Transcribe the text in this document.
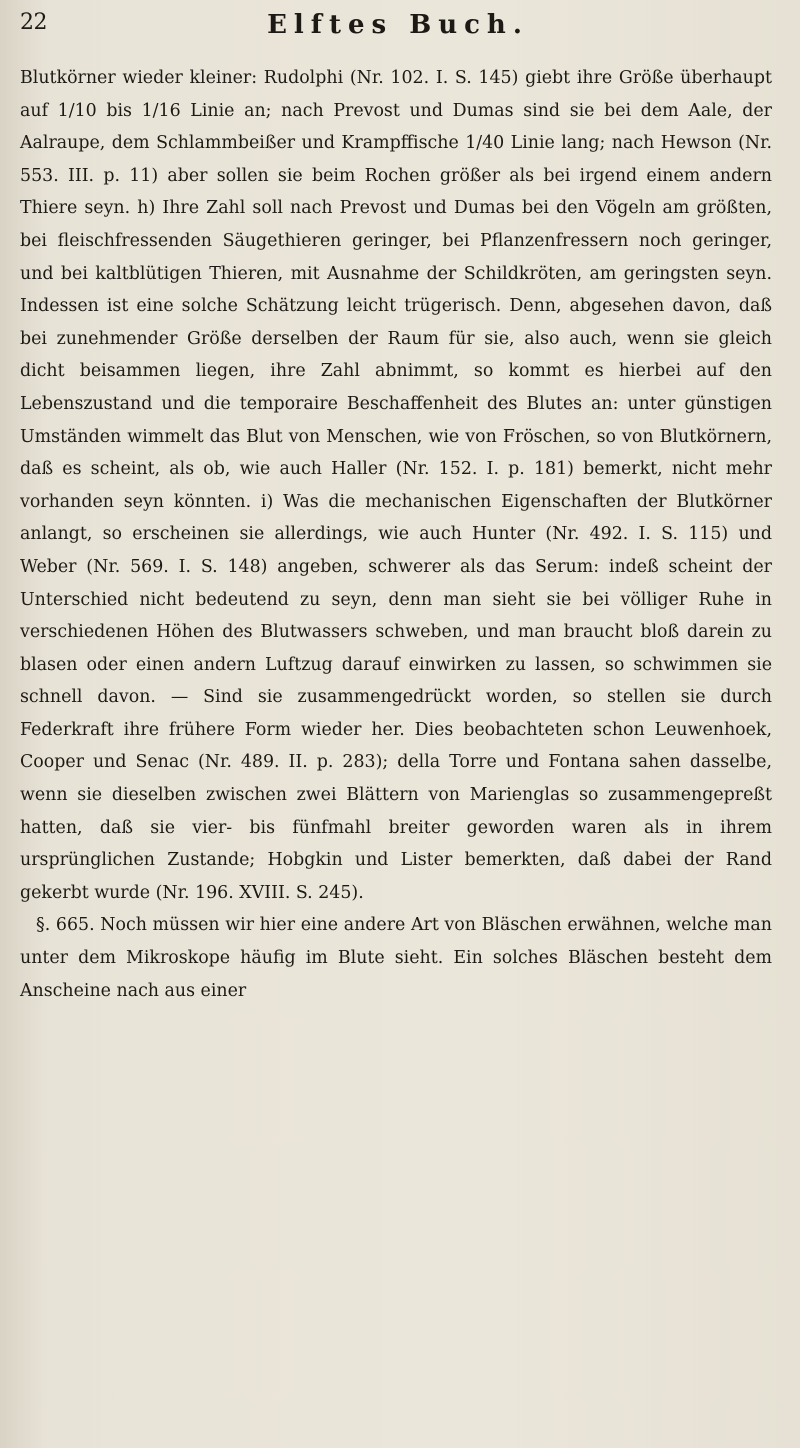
22	Elftes Buch.

Blutkörner wieder kleiner: Rudolphi (Nr. 102. I. S. 145) giebt ihre Größe überhaupt auf 1/10 bis 1/16 Linie an; nach Prevost und Dumas sind sie bei dem Aale, der Aalraupe, dem Schlammbeißer und Krampffische 1/40 Linie lang; nach Hewson (Nr. 553. III. p. 11) aber sollen sie beim Rochen größer als bei irgend einem andern Thiere seyn. h) Ihre Zahl soll nach Prevost und Dumas bei den Vögeln am größten, bei fleischfressenden Säugethieren geringer, bei Pflanzenfressern noch geringer, und bei kaltblütigen Thieren, mit Ausnahme der Schildkröten, am geringsten seyn. Indessen ist eine solche Schätzung leicht trügerisch. Denn, abgesehen davon, daß bei zunehmender Größe derselben der Raum für sie, also auch, wenn sie gleich dicht beisammen liegen, ihre Zahl abnimmt, so kommt es hierbei auf den Lebenszustand und die temporaire Beschaffenheit des Blutes an: unter günstigen Umständen wimmelt das Blut von Menschen, wie von Fröschen, so von Blutkörnern, daß es scheint, als ob, wie auch Haller (Nr. 152. I. p. 181) bemerkt, nicht mehr vorhanden seyn könnten. i) Was die mechanischen Eigenschaften der Blutkörner anlangt, so erscheinen sie allerdings, wie auch Hunter (Nr. 492. I. S. 115) und Weber (Nr. 569. I. S. 148) angeben, schwerer als das Serum: indeß scheint der Unterschied nicht bedeutend zu seyn, denn man sieht sie bei völliger Ruhe in verschiedenen Höhen des Blutwassers schweben, und man braucht bloß darein zu blasen oder einen andern Luftzug darauf einwirken zu lassen, so schwimmen sie schnell davon. — Sind sie zusammengedrückt worden, so stellen sie durch Federkraft ihre frühere Form wieder her. Dies beobachteten schon Leuwenhoek, Cooper und Senac (Nr. 489. II. p. 283); della Torre und Fontana sahen dasselbe, wenn sie dieselben zwischen zwei Blättern von Marienglas so zusammengepreßt hatten, daß sie vier- bis fünfmahl breiter geworden waren als in ihrem ursprünglichen Zustande; Hobgkin und Lister bemerkten, daß dabei der Rand gekerbt wurde (Nr. 196. XVIII. S. 245).

§. 665. Noch müssen wir hier eine andere Art von Bläschen erwähnen, welche man unter dem Mikroskope häufig im Blute sieht. Ein solches Bläschen besteht dem Anscheine nach aus einer
